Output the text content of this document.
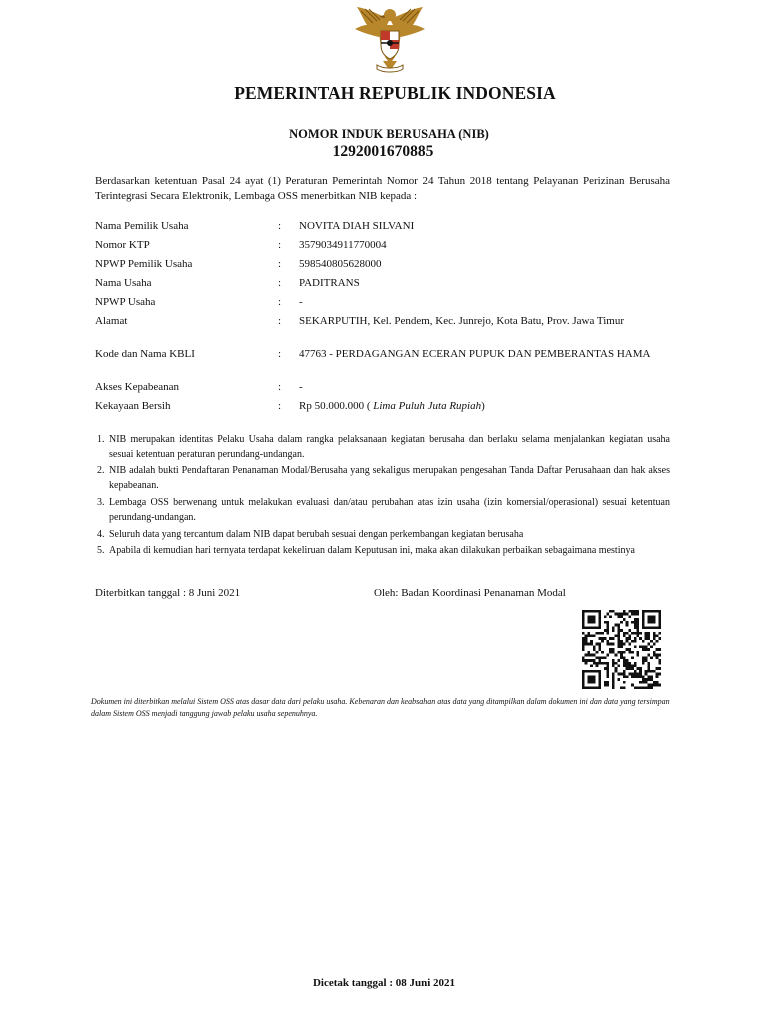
PEMERINTAH REPUBLIK INDONESIA
NOMOR INDUK BERUSAHA (NIB)
1292001670885

Berdasarkan ketentuan Pasal 24 ayat (1) Peraturan Pemerintah Nomor 24 Tahun 2018 tentang Pelayanan Perizinan Berusaha Terintegrasi Secara Elektronik, Lembaga OSS menerbitkan NIB kepada :

Nama Pemilik Usaha	: NOVITA DIAH SILVANI
Nomor KTP	: 3579034911770004
NPWP Pemilik Usaha	: 598540805628000
Nama Usaha	: PADITRANS
NPWP Usaha	: -
Alamat	: SEKARPUTIH, Kel. Pendem, Kec. Junrejo, Kota Batu, Prov. Jawa Timur
Kode dan Nama KBLI	: 47763 - PERDAGANGAN ECERAN PUPUK DAN PEMBERANTAS HAMA
Akses Kepabeanan	: -
Kekayaan Bersih	: Rp 50.000.000 ( Lima Puluh Juta Rupiah)
1. NIB merupakan identitas Pelaku Usaha dalam rangka pelaksanaan kegiatan berusaha dan berlaku selama menjalankan kegiatan usaha sesuai ketentuan peraturan perundang-undangan.
2. NIB adalah bukti Pendaftaran Penanaman Modal/Berusaha yang sekaligus merupakan pengesahan Tanda Daftar Perusahaan dan hak akses kepabeanan.
3. Lembaga OSS berwenang untuk melakukan evaluasi dan/atau perubahan atas izin usaha (izin komersial/operasional) sesuai ketentuan perundang-undangan.
4. Seluruh data yang tercantum dalam NIB dapat berubah sesuai dengan perkembangan kegiatan berusaha
5. Apabila di kemudian hari ternyata terdapat kekeliruan dalam Keputusan ini, maka akan dilakukan perbaikan sebagaimana mestinya
Diterbitkan tanggal : 8 Juni 2021	Oleh: Badan Koordinasi Penanaman Modal

Dokumen ini diterbitkan melalui Sistem OSS atas dasar data dari pelaku usaha. Kebenaran dan keabsahan atas data yang ditampilkan dalam dokumen ini dan data yang tersimpan dalam Sistem OSS menjadi tanggung jawab pelaku usaha sepenuhnya.

Dicetak tanggal : 08 Juni 2021
